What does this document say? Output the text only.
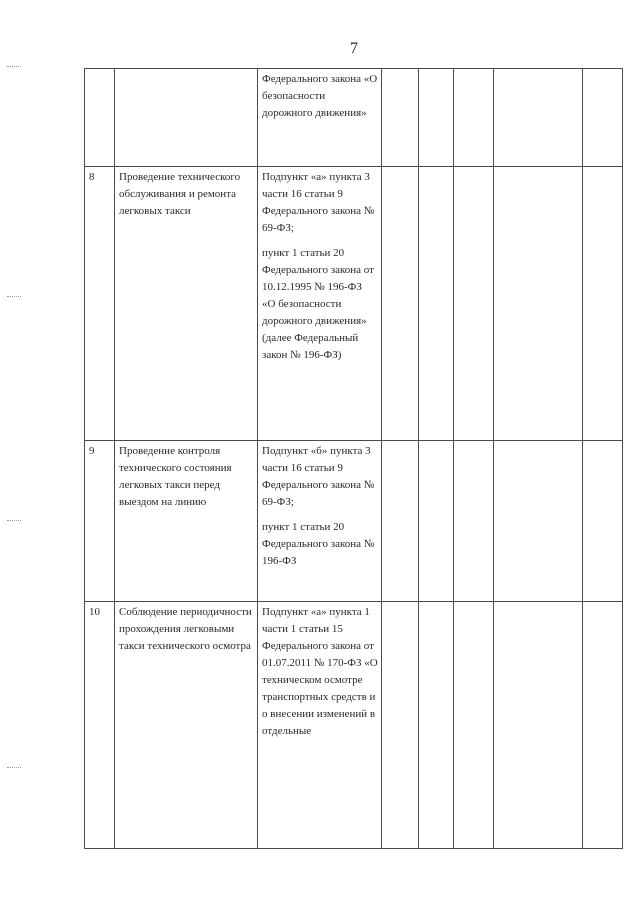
7

		Федерального закона «О безопасности дорожного движения»					

8	Проведение технического обслуживания и ремонта легковых такси	Подпункт «а» пункта 3 части 16 статьи 9 Федерального закона № 69-ФЗ;

пункт 1 статьи 20 Федерального закона от 10.12.1995 № 196-ФЗ «О безопасности дорожного движения» (далее Федеральный закон № 196-ФЗ)					

9	Проведение контроля технического состояния легковых такси перед выездом на линию	Подпункт «б» пункта 3 части 16 статьи 9 Федерального закона № 69-ФЗ;

пункт 1 статьи 20 Федерального закона № 196-ФЗ					

10	Соблюдение периодичности прохождения легковыми такси технического осмотра	Подпункт «а» пункта 1 части 1 статьи 15 Федерального закона от 01.07.2011 № 170-ФЗ «О техническом осмотре транспортных средств и о внесении изменений в отдельные					
